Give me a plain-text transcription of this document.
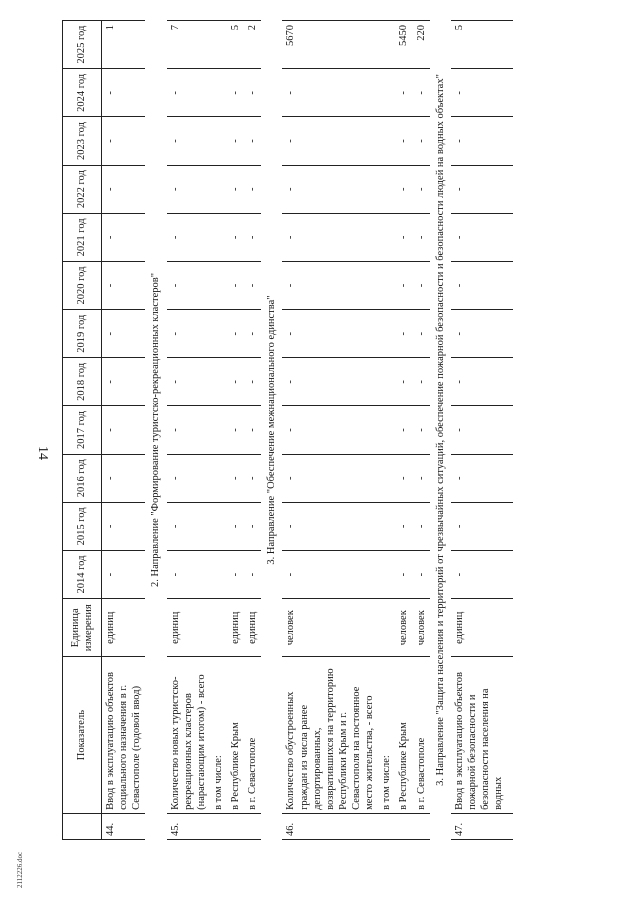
14
	Показатель	Единица измерения	2014 год	2015 год	2016 год	2017 год	2018 год	2019 год	2020 год	2021 год	2022 год	2023 год	2024 год	2025 год
44.	Ввод в эксплуатацию объектов социального назначения в г. Севастополе (годовой ввод)	единиц	-	-	-	-	-	-	-	-	-	-	-	1
2. Направление "Формирование туристско-рекреационных кластеров"														
45.	Количество новых туристско-рекреационных кластеров (нарастающим итогом) - всего	единиц	-	-	-	-	-	-	-	-	-	-	-	7
	в том числе:													
	в Республике Крым	единиц	-	-	-	-	-	-	-	-	-	-	-	5
	в г. Севастополе	единиц	-	-	-	-	-	-	-	-	-	-	-	2
3. Направление "Обеспечение межнационального единства"														
46.	Количество обустроенных граждан из числа ранее депортированных, возвратившихся на территорию Республики Крым и г. Севастополя на постоянное место жительства, - всего	человек	-	-	-	-	-	-	-	-	-	-	-	5670
	в том числе:													
	в Республике Крым	человек	-	-	-	-	-	-	-	-	-	-	-	5450
	в г. Севастополе	человек	-	-	-	-	-	-	-	-	-	-	-	220
3. Направление "Защита населения и территорий от чрезвычайных ситуаций, обеспечение пожарной безопасности и безопасности людей на водных объектах"														
47.	Ввод в эксплуатацию объектов пожарной безопасности и безопасности населения на водных	единиц	-	-	-	-	-	-	-	-	-	-	-	5

2112226.doc
